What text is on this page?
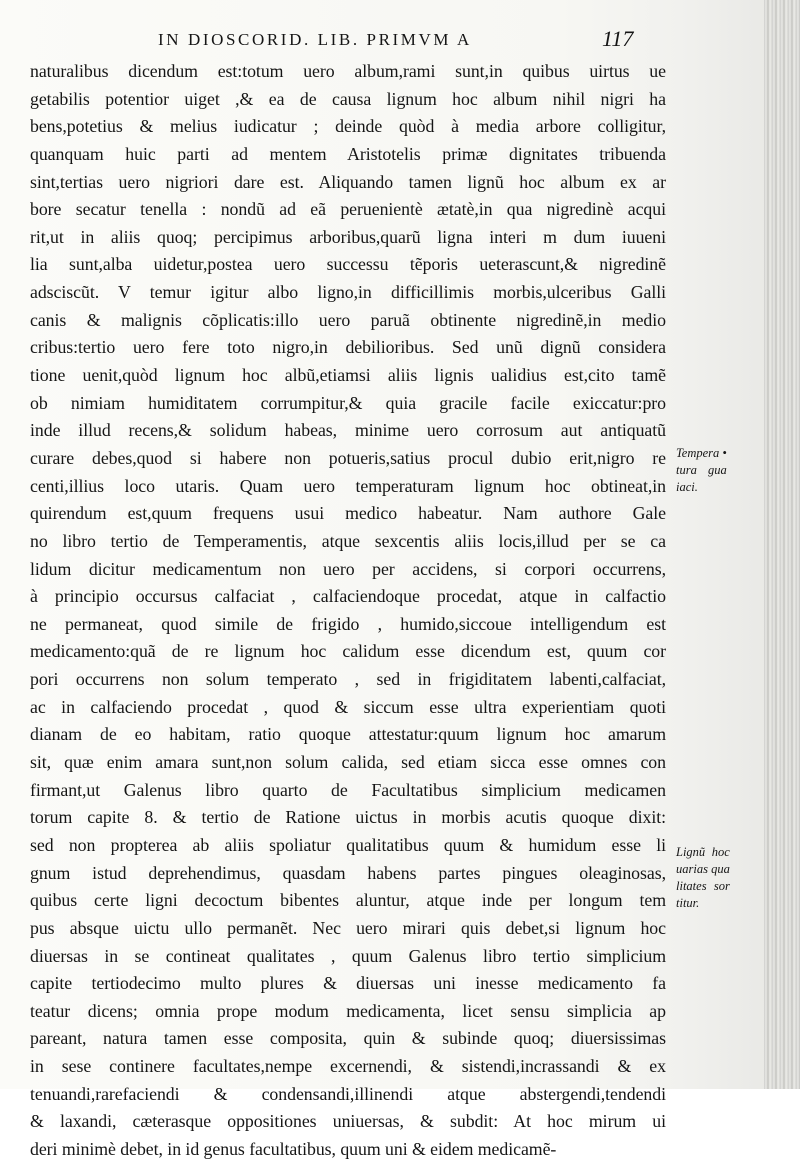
IN DIOSCORID. LIB. PRIMVM A	117
naturalibus dicendum est:totum uero album,rami sunt,in quibus uirtus ue
getabilis potentior uiget ,& ea de causa lignum hoc album nihil nigri ha
bens,potetius & melius iudicatur ; deinde quòd à media arbore colligitur,
quanquam huic parti ad mentem Aristotelis primæ dignitates tribuenda
sint,tertias uero nigriori dare est. Aliquando tamen lignũ hoc album ex ar
bore secatur tenella : nondũ ad eã peruenientè ætatè,in qua nigredinè acqui
rit,ut in aliis quoq; percipimus arboribus,quarũ ligna interi m dum iuueni
lia sunt,alba uidetur,postea uero successu tẽporis ueterascunt,& nigredinẽ
adsciscũt. V temur igitur albo ligno,in difficillimis morbis,ulceribus Galli
canis & malignis cõplicatis:illo uero paruã obtinente nigredinẽ,in medio
cribus:tertio uero fere toto nigro,in debilioribus. Sed unũ dignũ considera
tione uenit,quòd lignum hoc albũ,etiamsi aliis lignis ualidius est,cito tamẽ
ob nimiam humiditatem corrumpitur,& quia gracile facile exiccatur:pro
inde illud recens,& solidum habeas, minime uero corrosum aut antiquatũ
curare debes,quod si habere non potueris,satius procul dubio erit,nigro re
centi,illius loco utaris. Quam uero temperaturam lignum hoc obtineat,in
quirendum est,quum frequens usui medico habeatur. Nam authore Gale
no libro tertio de Temperamentis, atque sexcentis aliis locis,illud per se ca
lidum dicitur medicamentum non uero per accidens, si corpori occurrens,
à principio occursus calfaciat , calfaciendoque procedat, atque in calfactio
ne permaneat, quod simile de frigido , humido,siccoue intelligendum est
medicamento:quã de re lignum hoc calidum esse dicendum est, quum cor
pori occurrens non solum temperato , sed in frigiditatem labenti,calfaciat,
ac in calfaciendo procedat , quod & siccum esse ultra experientiam quoti
dianam de eo habitam, ratio quoque attestatur:quum lignum hoc amarum
sit, quæ enim amara sunt,non solum calida, sed etiam sicca esse omnes con
firmant,ut Galenus libro quarto de Facultatibus simplicium medicamen
torum capite 8. & tertio de Ratione uictus in morbis acutis quoque dixit:
sed non propterea ab aliis spoliatur qualitatibus quum & humidum esse li
gnum istud deprehendimus, quasdam habens partes pingues oleaginosas,
quibus certe ligni decoctum bibentes aluntur, atque inde per longum tem
pus absque uictu ullo permanẽt. Nec uero mirari quis debet,si lignum hoc
diuersas in se contineat qualitates , quum Galenus libro tertio simplicium
capite tertiodecimo multo plures & diuersas uni inesse medicamento fa
teatur dicens; omnia prope modum medicamenta, licet sensu simplicia ap
pareant, natura tamen esse composita, quin & subinde quoq; diuersissimas
in sese continere facultates,nempe excernendi, & sistendi,incrassandi & ex
tenuandi,rarefaciendi & condensandi,illinendi atque abstergendi,tendendi
& laxandi, cæterasque oppositiones uniuersas, & subdit: At hoc mirum ui
deri minimè debet, in id genus facultatibus, quum uni & eidem medicamẽ-
Tempera •
tura gua
iaci.
Lignũ hoc
uarias qua
litates sor
titur.
